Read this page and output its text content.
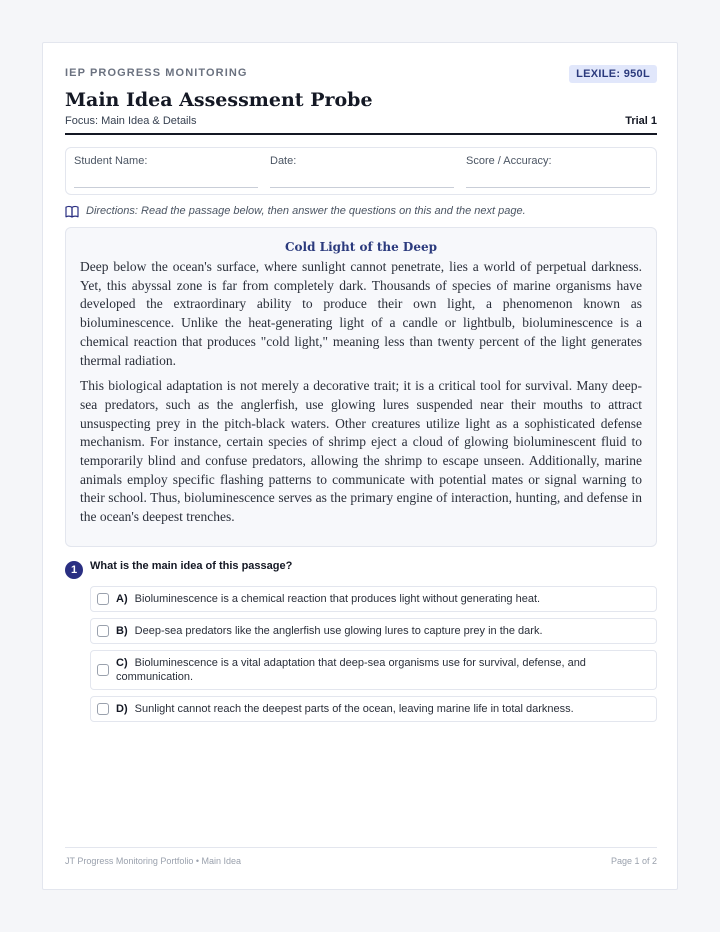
IEP PROGRESS MONITORING	LEXILE: 950L
Main Idea Assessment Probe
Focus: Main Idea & Details	Trial 1
Student Name:	Date:	Score / Accuracy:
Directions: Read the passage below, then answer the questions on this and the next page.
Cold Light of the Deep

Deep below the ocean's surface, where sunlight cannot penetrate, lies a world of perpetual darkness. Yet, this abyssal zone is far from completely dark. Thousands of species of marine organisms have developed the extraordinary ability to produce their own light, a phenomenon known as bioluminescence. Unlike the heat-generating light of a candle or lightbulb, bioluminescence is a chemical reaction that produces "cold light," meaning less than twenty percent of the light generates thermal radiation.

This biological adaptation is not merely a decorative trait; it is a critical tool for survival. Many deep-sea predators, such as the anglerfish, use glowing lures suspended near their mouths to attract unsuspecting prey in the pitch-black waters. Other creatures utilize light as a sophisticated defense mechanism. For instance, certain species of shrimp eject a cloud of glowing bioluminescent fluid to temporarily blind and confuse predators, allowing the shrimp to escape unseen. Additionally, marine animals employ specific flashing patterns to communicate with potential mates or signal warning to their school. Thus, bioluminescence serves as the primary engine of interaction, hunting, and defense in the ocean's deepest trenches.

1	What is the main idea of this passage?
A) Bioluminescence is a chemical reaction that produces light without generating heat.
B) Deep-sea predators like the anglerfish use glowing lures to capture prey in the dark.
C) Bioluminescence is a vital adaptation that deep-sea organisms use for survival, defense, and communication.
D) Sunlight cannot reach the deepest parts of the ocean, leaving marine life in total darkness.
JT Progress Monitoring Portfolio • Main Idea	Page 1 of 2
